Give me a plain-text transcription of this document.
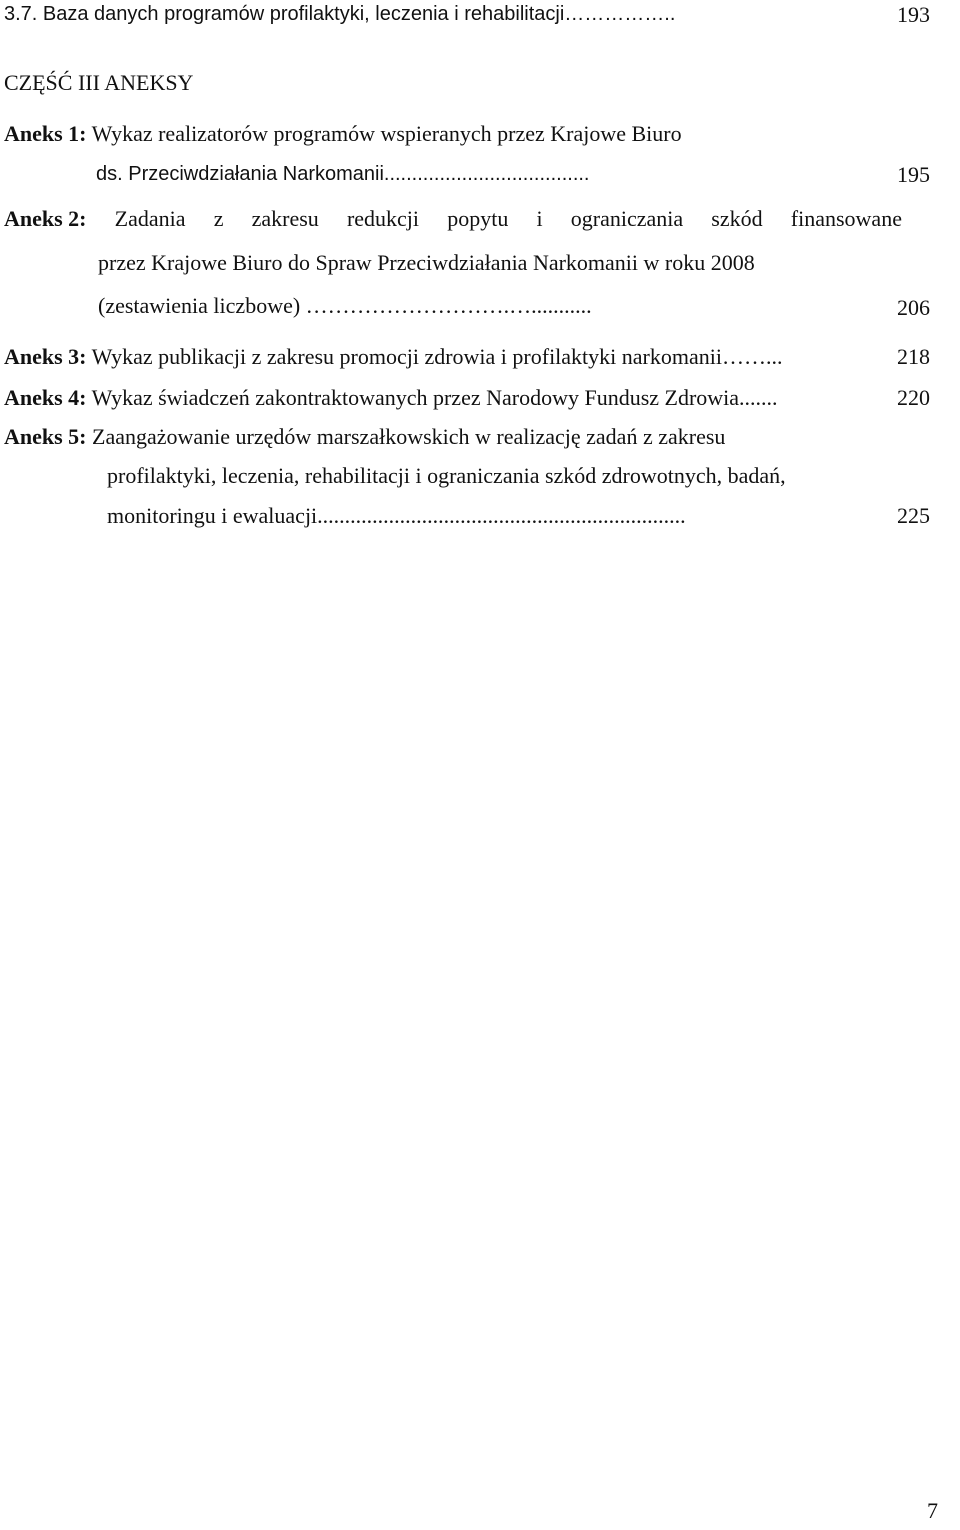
3.7. Baza danych programów profilaktyki, leczenia i rehabilitacji……………..	193
CZĘŚĆ III ANEKSY
Aneks 1: Wykaz realizatorów programów wspieranych przez Krajowe Biuro
ds. Przeciwdziałania Narkomanii.....................................	195
Aneks 2: Zadania z zakresu redukcji popytu i ograniczania szkód finansowane
przez Krajowe Biuro do Spraw Przeciwdziałania Narkomanii w roku 2008
(zestawienia liczbowe) ……………………….…...........	206
Aneks 3: Wykaz publikacji z zakresu promocji zdrowia i profilaktyki narkomanii……...	218
Aneks 4: Wykaz świadczeń zakontraktowanych przez Narodowy Fundusz Zdrowia.......	220
Aneks 5: Zaangażowanie urzędów marszałkowskich w realizację zadań z zakresu
profilaktyki, leczenia, rehabilitacji i ograniczania szkód zdrowotnych, badań,
monitoringu i ewaluacji...................................................................	225
7
